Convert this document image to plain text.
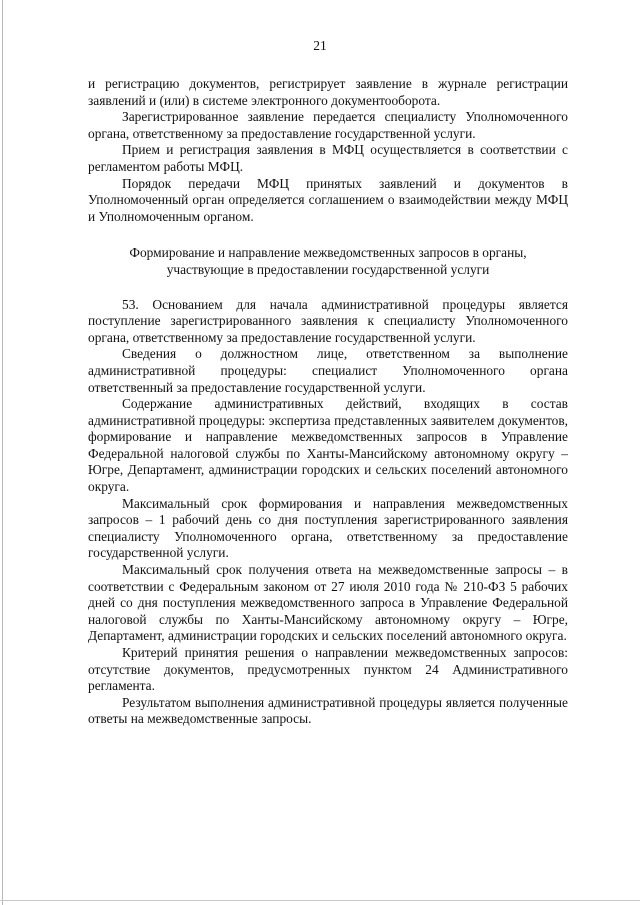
21

и регистрацию документов, регистрирует заявление в журнале регистрации заявлений и (или) в системе электронного документооборота.

Зарегистрированное заявление передается специалисту Уполномоченного органа, ответственному за предоставление государственной услуги.

Прием и регистрация заявления в МФЦ осуществляется в соответствии с регламентом работы МФЦ.

Порядок передачи МФЦ принятых заявлений и документов в Уполномоченный орган определяется соглашением о взаимодействии между МФЦ и Уполномоченным органом.

Формирование и направление межведомственных запросов в органы, участвующие в предоставлении государственной услуги

53. Основанием для начала административной процедуры является поступление зарегистрированного заявления к специалисту Уполномоченного органа, ответственному за предоставление государственной услуги.

Сведения о должностном лице, ответственном за выполнение административной процедуры: специалист Уполномоченного органа ответственный за предоставление государственной услуги.

Содержание административных действий, входящих в состав административной процедуры: экспертиза представленных заявителем документов, формирование и направление межведомственных запросов в Управление Федеральной налоговой службы по Ханты-Мансийскому автономному округу – Югре, Департамент, администрации городских и сельских поселений автономного округа.

Максимальный срок формирования и направления межведомственных запросов – 1 рабочий день со дня поступления зарегистрированного заявления специалисту Уполномоченного органа, ответственному за предоставление государственной услуги.

Максимальный срок получения ответа на межведомственные запросы – в соответствии с Федеральным законом от 27 июля 2010 года № 210-ФЗ 5 рабочих дней со дня поступления межведомственного запроса в Управление Федеральной налоговой службы по Ханты-Мансийскому автономному округу – Югре, Департамент, администрации городских и сельских поселений автономного округа.

Критерий принятия решения о направлении межведомственных запросов: отсутствие документов, предусмотренных пунктом 24 Административного регламента.

Результатом выполнения административной процедуры является полученные ответы на межведомственные запросы.
